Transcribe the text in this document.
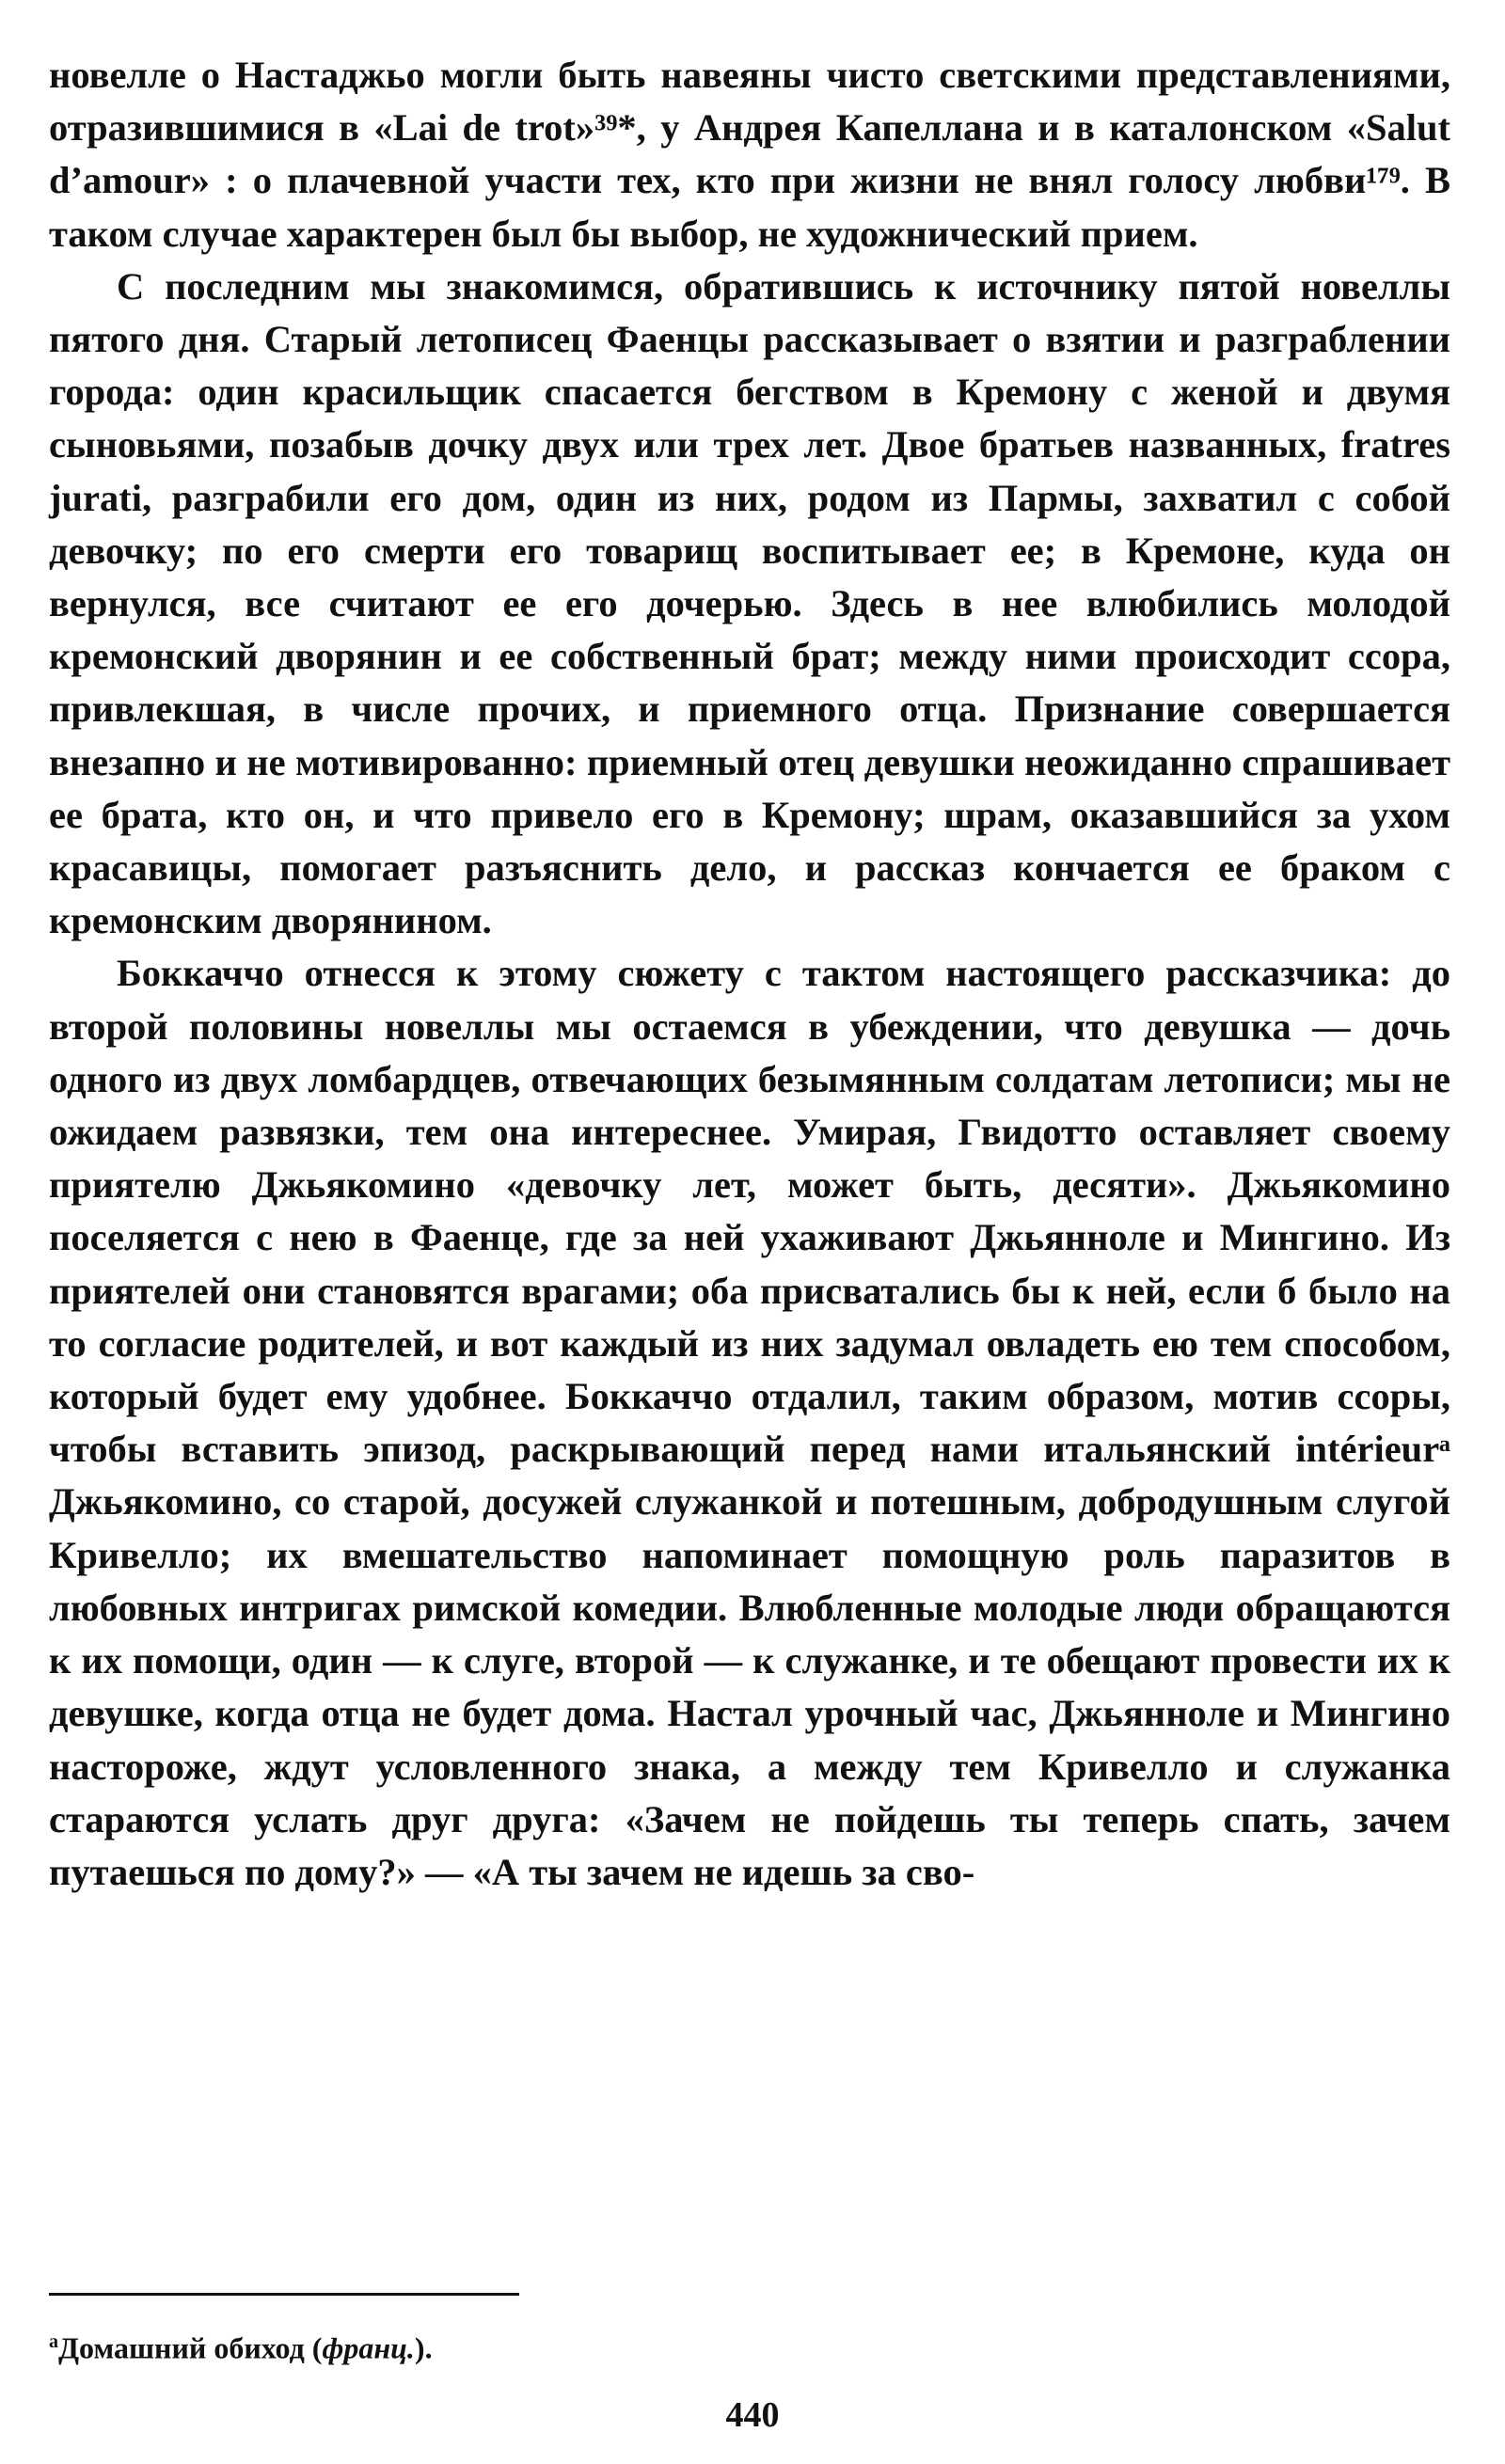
новелле о Настаджьо могли быть навеяны чисто светскими представлениями, отразившимися в «Lai de trot»³⁹*, у Андрея Капеллана и в каталонском «Salut d’amour» : о плачевной участи тех, кто при жизни не внял голосу любви¹⁷⁹. В таком случае характерен был бы выбор, не художнический прием.

С последним мы знакомимся, обратившись к источнику пятой новеллы пятого дня. Старый летописец Фаенцы рассказывает о взятии и разграблении города: один красильщик спасается бегством в Кремону с женой и двумя сыновьями, позабыв дочку двух или трех лет. Двое братьев названных, fratres jurati, разграбили его дом, один из них, родом из Пармы, захватил с собой девочку; по его смерти его товарищ воспитывает ее; в Кремоне, куда он вернулся, все считают ее его дочерью. Здесь в нее влюбились молодой кремонский дворянин и ее собственный брат; между ними происходит ссора, привлекшая, в числе прочих, и приемного отца. Признание совершается внезапно и не мотивированно: приемный отец девушки неожиданно спрашивает ее брата, кто он, и что привело его в Кремону; шрам, оказавшийся за ухом красавицы, помогает разъяснить дело, и рассказ кончается ее браком с кремонским дворянином.

Боккаччо отнесся к этому сюжету с тактом настоящего рассказчика: до второй половины новеллы мы остаемся в убеждении, что девушка — дочь одного из двух ломбардцев, отвечающих безымянным солдатам летописи; мы не ожидаем развязки, тем она интереснее. Умирая, Гвидотто оставляет своему приятелю Джьякомино «девочку лет, может быть, десяти». Джьякомино поселяется с нею в Фаенце, где за ней ухаживают Джьянноле и Мингино. Из приятелей они становятся врагами; оба присватались бы к ней, если б было на то согласие родителей, и вот каждый из них задумал овладеть ею тем способом, который будет ему удобнее. Боккаччо отдалил, таким образом, мотив ссоры, чтобы вставить эпизод, раскрывающий перед нами итальянский intérieurᵃ Джьякомино, со старой, досужей служанкой и потешным, добродушным слугой Кривелло; их вмешательство напоминает помощную роль паразитов в любовных интригах римской комедии. Влюбленные молодые люди обращаются к их помощи, один — к слуге, второй — к служанке, и те обещают провести их к девушке, когда отца не будет дома. Настал урочный час, Джьянноле и Мингино настороже, ждут условленного знака, а между тем Кривелло и служанка стараются услать друг друга: «Зачем не пойдешь ты теперь спать, зачем путаешься по дому?» — «А ты зачем не идешь за сво-

$^a$Домашний обиход (франц.).
440
